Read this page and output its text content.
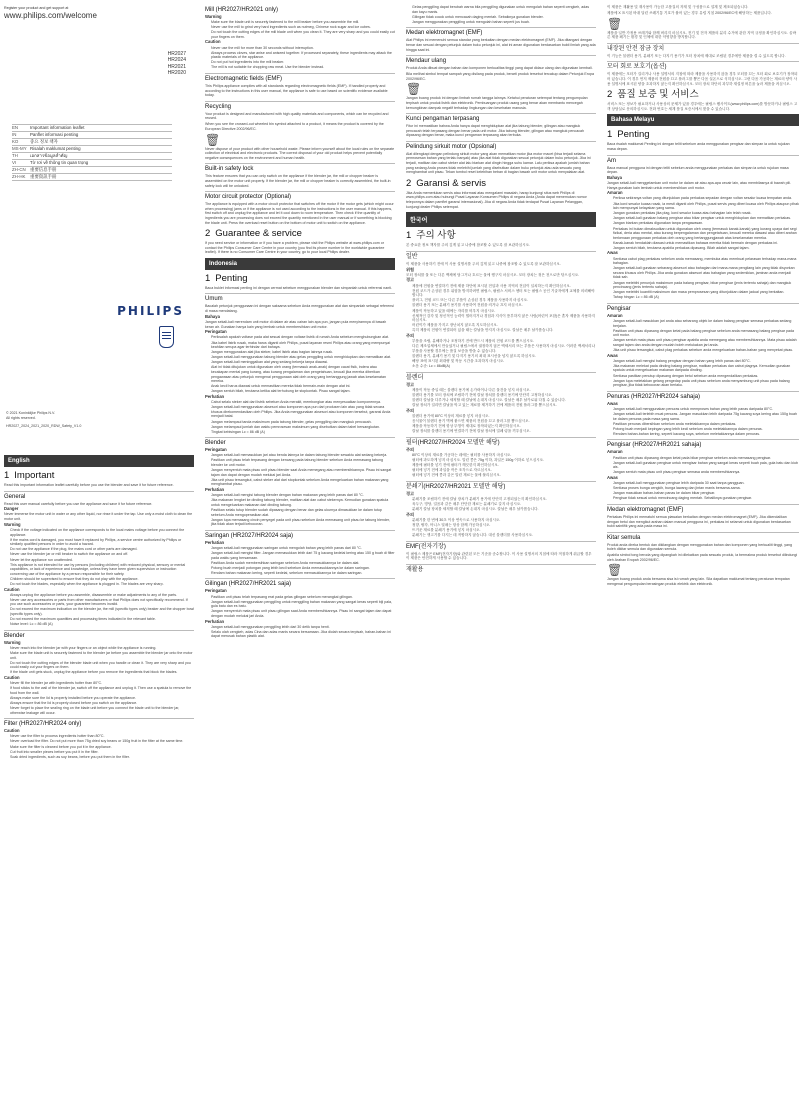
Register your product and get support at
www.philips.com/welcome
HR2027
HR2024
HR2021
HR2020
EN	Important information leaflet
IN	Panflet informasi penting
KO	중요 정보 책자
MS-MY Risalah maklumat penting
TH	เอกสารข้อมูลสำคัญ
VI	Tờ rơi về thông tin quan trọng
ZH-CN 重要信息手册
ZH-HK	重要資訊手冊
PHILIPS
© 2021 Koninklijke Philips N.V.
All rights reserved.
HR2027_2024_2021_2020_RDW_Safety_V1.0
English
1 Important

Read this important information leaflet carefully before you use the blender and save it for future reference.

General

Read this user manual carefully before you use the appliance and save it for future reference.

Danger

Never immerse the motor unit in water or any other liquid, nor rinse it under the tap. Use only a moist cloth to clean the motor unit.

Warning
• Check if the voltage indicated on the appliance corresponds to the local mains voltage before you connect the appliance.
• If the mains cord is damaged, you must have it replaced by Philips, a service centre authorized by Philips or similarly qualified persons in order to avoid a hazard.
• Do not use the appliance if the plug, the mains cord or other parts are damaged.
• Never use the blender jar or mill beaker to switch the appliance on and off.
• Never let the appliance run unattended.
• This appliance is not intended for use by persons (including children) with reduced physical, sensory or mental capabilities, or lack of experience and knowledge, unless they have been given supervision or instruction concerning use of the appliance by a person responsible for their safety.
• Children should be supervised to ensure that they do not play with the appliance.
• Do not touch the blades, especially when the appliance is plugged in. The blades are very sharp.
Caution
• Always unplug the appliance before you assemble, disassemble or make adjustments to any of the parts.
• Never use any accessories or parts from other manufacturers or that Philips does not specifically recommend. If you use such accessories or parts, your guarantee becomes invalid.
• Do not exceed the maximum indication on the blender jar, the mill (specific types only) beaker and the chopper bowl (specific types only).
• Do not exceed the maximum quantities and processing times indicated in the relevant table.
• Noise level: Lc = 86 dB (A)
Blender
Warning
• Never reach into the blender jar with your fingers or an object while the appliance is running.
• Make sure the blade unit is securely fastened to the blender jar before you assemble the blender jar onto the motor unit.
• Do not touch the cutting edges of the blender blade unit when you handle or clean it. They are very sharp and you could easily cut your fingers on them.
• If the blade unit gets stuck, unplug the appliance before you remove the ingredients that block the blades.
Caution
• Never fill the blender jar with ingredients hotter than 80°C.
• If food sticks to the wall of the blender jar, switch off the appliance and unplug it. Then use a spatula to remove the food from the wall.
• Always make sure the lid is properly installed before you operate the appliance.
• Always ensure that the lid is properly closed before you switch on the appliance.
• Never forget to place the sealing ring on the blade unit before you connect the blade unit to the blender jar, otherwise leakage will occur.
Filter (HR2027/HR2024 only)
Caution
• Never use the filter to process ingredients hotter than 80°C.
• Never overload the filter. Do not put more than 75g dried soy beans or 150g fruit in the filter at the same time.
• Make sure the filter is cleaned before you put it in the appliance.
• Cut fruit into smaller pieces before you put it in the filter.
• Soak dried ingredients, such as soy beans, before you put them in the filter.
Mill (HR2027/HR2021 only)
Warning
• Make sure the blade unit is securely fastened to the mill beaker before you assemble the mill.
• Never use the mill to grind very hard ingredients such as nutmeg, Chinese rock sugar and ice cubes.
• Do not touch the cutting edges of the mill blade unit when you clean it. They are very sharp and you could easily cut your fingers on them.
Caution
• Never use the mill for more than 30 seconds without interruption.
• Always process cloves, star anise and aniseed together. If processed separately, these ingredients may attack the plastic materials of the appliance.
• Do not put hot ingredients into the mill beaker.
• The mill is not suitable for chopping raw meat. Use the blender instead.
Electromagnetic fields (EMF)

This Philips appliance complies with all standards regarding electromagnetic fields (EMF). If handled properly and according to the instructions in this user manual, the appliance is safe to use based on scientific evidence available today.

Recycling

Your product is designed and manufactured with high quality materials and components, which can be recycled and reused.

When you see the crossed-out wheeled bin symbol attached to a product, it means the product is covered by the European Directive 2002/96/EC.

🗑︎

Never dispose of your product with other household waste. Please inform yourself about the local rules on the separate collection of electrical and electronic products. The correct disposal of your old product helps prevent potentially negative consequences on the environment and human health.

Built-in safety lock

This feature ensures that you can only switch on the appliance if the blender jar, the mill or chopper beaker is assembled on the motor unit properly. If the blender jar, the mill or chopper beaker is correctly assembled, the built-in safety lock will be unlocked.

Motor circuit protector (Optional)

The appliance is equipped with a motor circuit protector that switches off the motor if the motor gets (which might occur when processing) jams or if the appliance is not used according to the instructions in the user manual. If this happens, first switch off and unplug the appliance and let it cool down to room temperature. Then check if the quantity of ingredients you are processing does not exceed the quantity mentioned in the user manual or if something is blocking the blade unit. Press the overload reset button on the bottom of motor unit to switch on the appliance.

2 Guarantee & service

If you need service or information or if you have a problem, please visit the Philips website at www.philips.com or contact the Philips Consumer Care Centre in your country (you find its phone number in the worldwide guarantee leaflet). If there is no Consumer Care Centre in your country, go to your local Philips dealer.

Indonesia
1 Penting

Baca buklet informasi penting ini dengan cermat sebelum menggunakan blender dan simpanlah untuk referensi nanti.

Umum

Bacalah petunjuk penggunaan ini dengan saksama sebelum Anda menggunakan alat dan simpanlah sebagai referensi di masa mendatang.

Bahaya

Jangan sekali-kali merendam unit motor di dalam air atau cairan lain apa pun, jangan pula menyiramnya di bawah keran air. Gunakan hanya kain yang lembab untuk membersihkan unit motor.

Peringatan
• Periksalah apakah voltase pada alat sesuai dengan voltase listrik di rumah Anda sebelum menghubungkan alat.
• Jika kabel listrik rusak, maka harus diganti oleh Philips, pusat layanan resmi Philips atau orang yang mempunyai keahlian serupa agar terhindar dari bahaya.
• Jangan menggunakan alat jika steker, kabel listrik atau bagian lainnya rusak.
• Jangan sekali-kali menggunakan tabung blender atau gelas penggiling untuk menghidupkan dan mematikan alat.
• Jangan sekali-kali meninggalkan alat yang sedang bekerja tanpa diawasi.
• Alat ini tidak ditujukan untuk digunakan oleh orang (termasuk anak-anak) dengan cacat fisik, indera atau kecakapan mental yang kurang, atau kurang pengalaman dan pengetahuan, kecuali jika mereka diberikan pengawasan atau petunjuk mengenai penggunaan alat oleh orang yang bertanggung jawab atas keselamatan mereka.
• Anak kecil harus diawasi untuk memastikan mereka tidak bermain-main dengan alat ini.
• Jangan sentuh bilah, terutama ketika alat terhubung ke stopkontak. Pisau sangat tajam.
Perhatian
• Cabut selalu steker alat dari listrik sebelum Anda merakit, membongkar atau menyesuaikan komponennya.
• Jangan sekali-kali menggunakan aksesori atau komponen apa pun dari produsen lain atau yang tidak secara khusus direkomendasikan oleh Philips. Jika Anda menggunakan aksesori atau komponen tersebut, garansi Anda menjadi batal.
• Jangan melampaui tanda maksimum pada tabung blender, gelas penggiling dan mangkuk pencacah.
• Jangan melampaui jumlah dan waktu pemrosesan maksimum yang disebutkan dalam tabel bersangkutan.
• Tingkat kebisingan Lc = 86 dB (A)
Blender
Peringatan
• Jangan sekali-kali memasukkan jari atau benda lainnya ke dalam tabung blender sewaktu alat sedang bekerja.
• Pastikan unit pisau telah terpasang dengan kencang pada tabung blender sebelum Anda memasang tabung blender ke unit motor.
• Jangan menyentuh mata pisau unit pisau blender saat Anda memegang atau membersihkannya. Pisau ini sangat tajam dan dapat dengan mudah melukai jari Anda.
• Jika unit pisau tersangkut, cabut steker alat dari stopkontak sebelum Anda mengeluarkan bahan makanan yang menghambat pisau.
Perhatian
• Jangan sekali-kali mengisi tabung blender dengan bahan makanan yang lebih panas dari 80 °C.
• Jika makanan lengket ke dinding tabung blender, matikan alat dan cabut stekernya. Kemudian gunakan spatula untuk mengeluarkan makanan dari dinding tabung.
• Pastikan selalu tutup blender sudah dipasang dengan benar dan gelas ukurnya dimasukkan ke dalam tutup sebelum Anda mengoperasikan alat.
• Jangan lupa memasang cincin penyegel pada unit pisau sebelum Anda memasang unit pisau ke tabung blender, jika tidak akan terjadi kebocoran.
Saringan (HR2027/HR2024 saja)
Perhatian
• Jangan sekali-kali menggunakan saringan untuk mengolah bahan yang lebih panas dari 80 °C.
• Jangan sekali-kali mengisi filter. Jangan memasukkan lebih dari 75 g kacang kedelai kering atau 150 g buah di filter pada waktu yang bersamaan.
• Pastikan Anda sudah membersihkan saringan sebelum Anda memasukkannya ke dalam alat.
• Potong buah menjadi potongan yang lebih kecil sebelum Anda memasukkannya ke dalam saringan.
• Rendam bahan makanan kering, seperti kedelai, sebelum memasukkannya ke dalam saringan.
Gilingan (HR2027/HR2021 saja)
Peringatan
• Pastikan unit pisau telah terpasang erat pada gelas gilingan sebelum merangkai gilingan.
• Jangan sekali-kali menggunakan penggiling untuk menggiling bahan makanan yang sangat keras seperti biji pala, gula batu dan es batu.
• Jangan menyentuh mata pisau unit pisau gilingan saat Anda membersihkannya. Pisau ini sangat tajam dan dapat dengan mudah melukai jari Anda.
Perhatian
• Jangan sekali-kali menggunakan penggiling lebih dari 30 detik tanpa henti.
• Selalu olah cengkeh, adas Cina dan adas manis secara bersamaan. Jika diolah secara terpisah, bahan-bahan ini dapat merusak bahan plastik alat.
• Gelas penggiling dapat berubah warna bila penggiling digunakan untuk mengolah bahan seperti cengkeh, adas dan kayu manis.
• Gilingan tidak cocok untuk mencacah daging mentah. Sebaiknya gunakan blender.
• Jangan menggunakan penggiling untuk mengolah bahan seperti jus buah.
Medan elektromagnet (EMF)

Alat Philips ini memenuhi semua standar yang berkaitan dengan medan elektromagnet (EMF). Jika ditangani dengan benar dan sesuai dengan petunjuk dalam buku petunjuk ini, alat ini aman digunakan berdasarkan bukti ilmiah yang ada hingga saat ini.

Mendaur ulang

Produk Anda dibuat dengan bahan dan komponen berkualitas tinggi yang dapat didaur ulang dan digunakan kembali.

Bila melihat simbol tempat sampah yang disilang pada produk, berarti produk tersebut tercakup dalam Petunjuk Eropa 2002/96/EC.

🗑︎

Jangan buang produk ini dengan limbah rumah tangga lainnya. Ketahui peraturan setempat tentang pengumpulan terpisah untuk produk listrik dan elektronik. Pembuangan produk usang yang benar akan membantu mencegah kemungkinan dampak negatif terhadap lingkungan dan kesehatan manusia.

Kunci pengaman terpasang

Fitur ini memastikan bahwa Anda hanya dapat menghidupkan alat jika tabung blender, gilingan atau mangkuk pencacah telah terpasang dengan benar pada unit motor. Jika tabung blender, gilingan atau mangkuk pencacah dipasang dengan benar, maka kunci pengaman terpasang akan terbuka.

Pelindung sirkuit motor (Opsional)

Alat dilengkapi dengan pelindung sirkuit motor yang akan mematikan motor jika motor macet (bisa terjadi selama pemrosesan bahan yang terlalu banyak) atau jika alat tidak digunakan sesuai petunjuk dalam buku petunjuk. Jika ini terjadi, matikan dan cabut steker alat lalu biarkan alat dingin hingga suhu kamar. Lalu periksa apakah jumlah bahan yang sedang Anda proses tidak melebihi jumlah yang disebutkan dalam buku petunjuk atau ada sesuatu yang menghambat unit pisau. Tekan tombol reset kelebihan beban di bagian bawah unit motor untuk menyalakan alat.

2 Garansi & servis

Jika Anda memerlukan servis atau informasi atau mengalami masalah, harap kunjungi situs web Philips di www.philips.com atau hubungi Pusat Layanan Konsumen Philips di negara Anda (Anda dapat menemukan nomor teleponnya dalam pamflet garansi internasional). Jika di negara Anda tidak terdapat Pusat Layanan Pelanggan, kunjungi dealer Philips setempat.

한국어
1 주의 사항

본 중요한 정보 책자를 주의 깊게 읽고 나중에 참조할 수 있도록 잘 보관하십시오.

일반

이 제품을 사용하기 전에 이 사용 설명서를 주의 깊게 읽고 나중에 참조할 수 있도록 잘 보관하십시오.

위험

모터 장치를 물 또는 다른 액체에 담그거나 흐르는 물에 헹구지 마십시오. 모터 장치는 젖은 천으로만 닦으십시오.

경고
• 제품에 전원을 연결하기 전에 제품 하단에 표시된 전압과 사용 지역의 전압이 일치하는지 확인하십시오.
• 전원 코드가 손상된 경우 위험을 방지하려면 필립스, 필립스 서비스 센터 또는 필립스 공인 기술자에게 교체를 의뢰해야 합니다.
• 플러그, 전원 코드 또는 다른 부품이 손상된 경우 제품을 사용하지 마십시오.
• 블렌더 용기 또는 분쇄기 용기를 사용하여 전원을 켜거나 끄지 마십시오.
• 제품이 작동하고 있을 때에는 자리를 비우지 마십시오.
• 신체적인 감각 및 정신적인 능력이 떨어지거나 경험과 지식이 풍부하지 않은 사람(어린이 포함)은 혼자 제품을 사용하지 마십시오.
• 어린이가 제품을 가지고 장난치지 않도록 지도하십시오.
• 특히 제품의 전원이 연결되어 있을 때는 칼날을 만지지 마십시오. 칼날은 매우 날카롭습니다.
주의
• 부품을 조립, 분해하거나 조정하기 전에 반드시 제품의 전원 코드를 뽑으십시오.
• 다른 제조업체에서 만들었거나 필립스에서 권장하지 않은 액세서리 또는 부품은 사용하지 마십시오. 이러한 액세서리나 부품을 사용할 경우에는 품질 보증을 받을 수 없습니다.
• 블렌더 용기, 분쇄기 용기 및 다지기 용기의 최대 표시선을 넘지 않도록 하십시오.
• 해당 표에 표시된 최대량 및 작동 시간을 초과하지 마십시오.
• 소음 수준: Lc = 86dB(A)
블렌더
경고
• 제품이 작동 중일 때는 블렌더 용기에 손가락이나 다른 물건을 넣지 마십시오.
• 블렌더 용기를 모터 장치에 조립하기 전에 칼날 장치를 블렌더 용기에 단단히 고정하십시오.
• 블렌더 칼날을 다루거나 세척할 때 칼날에 손대지 마십시오. 칼날은 매우 날카로워 다칠 수 있습니다.
• 칼날 장치가 걸리면 칼날을 막고 있는 재료를 제거하기 전에 제품의 전원 플러그를 뽑으십시오.
주의
• 블렌더 용기에 80°C 이상의 재료를 넣지 마십시오.
• 음식물이 블렌더 용기 벽에 붙으면 제품의 전원을 끄고 플러그를 뽑으십시오.
• 제품을 작동하기 전에 항상 뚜껑이 제대로 장착되었는지 확인하십시오.
• 칼날 장치를 블렌더 용기에 연결하기 전에 칼날 장치에 밀폐 링을 끼우십시오.
필터(HR2027/HR2024 모델만 해당)
주의
• 80°C 이상의 재료를 가공하는 데에는 필터를 사용하지 마십시오.
• 필터에 과도하게 넣지 마십시오. 말린 콩은 75g 이하, 과일은 150g 이하로 넣으십시오.
• 제품에 필터를 넣기 전에 필터가 깨끗한지 확인하십시오.
• 필터에 넣기 전에 과일을 작은 조각으로 자르십시오.
• 필터에 넣기 전에 콩과 같은 말린 재료는 물에 불리십시오.
분쇄기(HR2027/HR2021 모델만 해당)
경고
• 분쇄기를 조립하기 전에 칼날 장치가 분쇄기 용기에 단단히 고정되었는지 확인하십시오.
• 육두구, 빙당, 얼음과 같은 매우 단단한 재료는 분쇄기로 갈지 마십시오.
• 분쇄기 칼날 장치를 세척할 때 칼날에 손대지 마십시오. 칼날은 매우 날카롭습니다.
주의
• 분쇄기를 한 번에 30초 이상 연속으로 사용하지 마십시오.
• 정향, 팔각, 아니스 열매는 항상 함께 가공하십시오.
• 뜨거운 재료를 분쇄기 용기에 넣지 마십시오.
• 분쇄기는 생고기를 다지는 데 적합하지 않습니다. 대신 블렌더를 사용하십시오.
EMF(전자기장)

이 필립스 제품은 EMF(전자기장)와 관련된 모든 기준을 준수합니다. 이 사용 설명서의 지침에 따라 적절하게 취급할 경우 이 제품은 안전하게 사용할 수 있습니다.

재활용

이 제품은 재활용 및 재사용이 가능한 고품질의 자재 및 구성품으로 설계 및 제조되었습니다.

제품에 X 표시된 바퀴 달린 쓰레기통 기호가 붙어 있는 경우 유럽 지침 2002/96/EC에 해당하는 제품입니다.

🗑︎

제품을 일반 가정용 쓰레기와 함께 버리지 마십시오. 전기 및 전자 제품의 분리 수거에 관한 지역 규정을 확인하십시오. 올바른 제품 폐기는 환경 및 인체에 대한 악영향을 방지합니다.

내장된 안전 잠금 장치

이 기능은 블렌더 용기, 분쇄기 또는 다지기 용기가 모터 장치에 제대로 조립된 경우에만 제품을 켤 수 있도록 합니다.

모터 회로 보호기(옵션)

이 제품에는 모터가 걸리거나 사용 설명서의 지침에 따라 제품을 사용하지 않을 경우 모터를 끄는 모터 회로 보호기가 장착되어 있습니다. 이 경우 먼저 제품의 전원을 끄고 플러그를 뽑은 다음 실온으로 식히십시오. 그런 다음 가공하는 재료의 양이 사용 설명서에 표시된 양을 초과하지 않는지 확인하십시오. 모터 장치 하단의 과부하 재설정 버튼을 눌러 제품을 켜십시오.

2 품질 보증 및 서비스

서비스 또는 정보가 필요하거나 사용상의 문제가 있을 경우에는 필립스 웹사이트(www.philips.com)를 방문하거나 필립스 고객 상담실로 문의하십시오. 전화 번호는 세계 품질 보증서에서 찾을 수 있습니다.

Bahasa Melayu
1 Penting

Baca risalah maklumat Penting ini dengan teliti sebelum anda menggunakan pengisar dan simpan ia untuk rujukan masa depan.

Am

Baca manual pengguna ini dengan teliti sebelum anda menggunakan perkakas dan simpan ia untuk rujukan masa depan.

Bahaya

Jangan sekali-kali menggelamkan unit motor ke dalam air atau apa-apa cecair lain, atau membilasnya di bawah pili. Hanya gunakan kain lembab untuk membersihkan unit motor.

Amaran
• Periksa sekiranya voltan yang ditunjukkan pada perkakas sepadan dengan voltan sesalur kuasa tempatan anda.
• Jika kord sesalur kuasa rosak, ia mesti diganti oleh Philips, pusat servis yang diberi kuasa oleh Philips ataupun pihak lain mempunyai kelayakan yang sama.
• Jangan gunakan perkakas jika plag, kord sesalur kuasa atau bahagian lain telah rosak.
• Jangan sekali-kali gunakan balang pengisar atau bikar pengisar untuk menghidupkan dan mematikan perkakas.
• Jangan biarkan perkakas digunakan tanpa pengawasan.
• Perkakas ini bukan dimaksudkan untuk digunakan oleh orang (termasuk kanak-kanak) yang kurang upaya dari segi fizikal, deria atau mental, atau kurang berpengalaman dan pengetahuan, kecuali mereka diawasi atau diberi arahan berkenaan penggunaan perkakas oleh orang yang bertanggungjawab atas keselamatan mereka.
• Kanak-kanak hendaklah diawasi untuk memastikan bahawa mereka tidak bermain dengan perkakas ini.
• Jangan sentuh bilah, terutama apabila perkakas dipasang. Bilah adalah sangat tajam.
Awas
• Sentiasa cabut plag perkakas sebelum anda memasang, membuka atau membuat pelarasan terhadap mana-mana bahagian.
• Jangan sekali-kali gunakan sebarang aksesori atau bahagian dari mana-mana pengilang lain yang tidak disyorkan secara khusus oleh Philips. Jika anda gunakan aksesori atau bahagian yang sedemikian, jaminan anda menjadi tidak sah.
• Jangan melebihi penunjuk maksimum pada balang pengisar, bikar pengisar (jenis tertentu sahaja) dan mangkuk pencincang (jenis tertentu sahaja).
• Jangan melebihi kuantiti maksimum dan masa pemprosesan yang ditunjukkan dalam jadual yang berkaitan.
• Tahap hingar: Lc = 86 dB (A)
Pengisar
Amaran
• Jangan sekali-kali masukkan jari anda atau sebarang objek ke dalam balang pengisar semasa perkakas sedang berjalan.
• Pastikan unit pisau dipasang dengan ketat pada balang pengisar sebelum anda memasang balang pengisar pada unit motor.
• Jangan sentuh mata pisau unit pisau pengisar apabila anda memegang atau membersihkannya. Mata pisau adalah sangat tajam dan anda dengan mudah boleh melukakan jari anda.
• Jika unit pisau tersangkut, cabut plag perkakas sebelum anda mengeluarkan bahan-bahan yang menyekat pisau.
Awas
• Jangan sekali-kali mengisi balang pengisar dengan bahan yang lebih panas dari 80°C.
• Jika makanan melekat pada dinding balang pengisar, matikan perkakas dan cabut plagnya. Kemudian gunakan spatula untuk mengeluarkan makanan daripada dinding.
• Sentiasa pastikan penutup dipasang dengan betul sebelum anda mengendalikan perkakas.
• Jangan lupa meletakkan gelang pengedap pada unit pisau sebelum anda menyambung unit pisau pada balang pengisar, jika tidak kebocoran akan berlaku.
Penuras (HR2027/HR2024 sahaja)
Awas
• Jangan sekali-kali menggunakan penuras untuk memproses bahan yang lebih panas daripada 80°C.
• Jangan sekali-kali terlebih muat penuras. Jangan masukkan lebih daripada 75g kacang soya kering atau 150g buah ke dalam penuras pada masa yang sama.
• Pastikan penuras dibersihkan sebelum anda meletakkannya dalam perkakas.
• Potong buah menjadi kepingan yang lebih kecil sebelum anda meletakkannya dalam penuras.
• Rendam bahan-bahan kering, seperti kacang soya, sebelum meletakkannya dalam penuras.
Pengisar (HR2027/HR2021 sahaja)
Amaran
• Pastikan unit pisau dipasang dengan ketat pada bikar pengisar sebelum anda memasang pengisar.
• Jangan sekali-kali gunakan pengisar untuk mengisar bahan yang sangat keras seperti buah pala, gula batu dan kiub ais.
• Jangan sentuh mata pisau unit pisau pengisar semasa anda membersihkannya.
Awas
• Jangan sekali-kali menggunakan pengisar lebih daripada 30 saat tanpa gangguan.
• Sentiasa proses bunga cengkih, bunga lawang dan jintan manis bersama-sama.
• Jangan masukkan bahan-bahan panas ke dalam bikar pengisar.
• Pengisar tidak sesuai untuk mencincang daging mentah. Sebaliknya gunakan pengisar.
Medan elektromagnet (EMF)

Perkakas Philips ini mematuhi semua piawaian berkaitan dengan medan elektromagnet (EMF). Jika dikendalikan dengan betul dan mengikut arahan dalam manual pengguna ini, perkakas ini selamat untuk digunakan berdasarkan bukti saintifik yang ada pada masa ini.

Kitar semula

Produk anda direka bentuk dan dikilangkan dengan menggunakan bahan dan komponen yang berkualiti tinggi, yang boleh dikitar semula dan digunakan semula.

Apabila simbol tong beroda yang dipangkah ini dilekatkan pada sesuatu produk, ia bermakna produk tersebut dilindungi oleh Arahan Eropah 2002/96/EC.

🗑︎

Jangan buang produk anda bersama sisa isi rumah yang lain. Sila dapatkan maklumat tentang peraturan tempatan mengenai pengumpulan berasingan produk elektrik dan elektronik.
